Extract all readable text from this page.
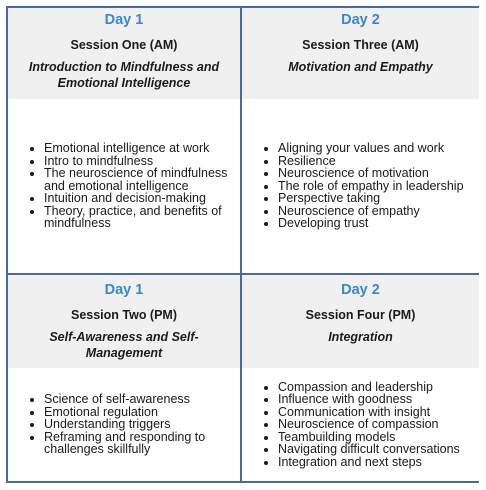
Day 1
Session One (AM)
Introduction to Mindfulness and
Emotional Intelligence
• Emotional intelligence at work
• Intro to mindfulness
• The neuroscience of mindfulness and emotional intelligence
• Intuition and decision-making
• Theory, practice, and benefits of mindfulness
Day 2
Session Three (AM)
Motivation and Empathy
• Aligning your values and work
• Resilience
• Neuroscience of motivation
• The role of empathy in leadership
• Perspective taking
• Neuroscience of empathy
• Developing trust
Day 1
Session Two (PM)
Self-Awareness and Self-
Management
• Science of self-awareness
• Emotional regulation
• Understanding triggers
• Reframing and responding to challenges skillfully
Day 2
Session Four (PM)
Integration
• Compassion and leadership
• Influence with goodness
• Communication with insight
• Neuroscience of compassion
• Teambuilding models
• Navigating difficult conversations
• Integration and next steps
